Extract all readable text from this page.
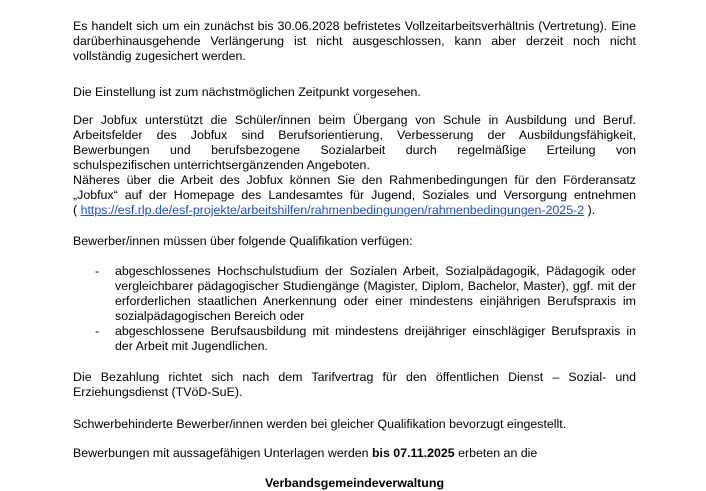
Es handelt sich um ein zunächst bis 30.06.2028 befristetes Vollzeitarbeitsverhältnis (Vertretung). Eine darüberhinausgehende Verlängerung ist nicht ausgeschlossen, kann aber derzeit noch nicht vollständig zugesichert werden.

Die Einstellung ist zum nächstmöglichen Zeitpunkt vorgesehen.

Der Jobfux unterstützt die Schüler/innen beim Übergang von Schule in Ausbildung und Beruf.
Arbeitsfelder des Jobfux sind Berufsorientierung, Verbesserung der Ausbildungsfähigkeit,
Bewerbungen und berufsbezogene Sozialarbeit durch regelmäßige Erteilung von
schulspezifischen unterrichtsergänzenden Angeboten.
Näheres über die Arbeit des Jobfux können Sie den Rahmenbedingungen für den Förderansatz
„Jobfux“ auf der Homepage des Landesamtes für Jugend, Soziales und Versorgung entnehmen
( https://esf.rlp.de/esf-projekte/arbeitshilfen/rahmenbedingungen/rahmenbedingungen-2025-2 ).

Bewerber/innen müssen über folgende Qualifikation verfügen:

- abgeschlossenes Hochschulstudium der Sozialen Arbeit, Sozialpädagogik, Pädagogik oder vergleichbarer pädagogischer Studiengänge (Magister, Diplom, Bachelor, Master), ggf. mit der erforderlichen staatlichen Anerkennung oder einer mindestens einjährigen Berufspraxis im sozialpädagogischen Bereich oder
- abgeschlossene Berufsausbildung mit mindestens dreijähriger einschlägiger Berufspraxis in der Arbeit mit Jugendlichen.

Die Bezahlung richtet sich nach dem Tarifvertrag für den öffentlichen Dienst – Sozial- und Erziehungsdienst (TVöD-SuE).

Schwerbehinderte Bewerber/innen werden bei gleicher Qualifikation bevorzugt eingestellt.

Bewerbungen mit aussagefähigen Unterlagen werden bis 07.11.2025 erbeten an die

Verbandsgemeindeverwaltung
